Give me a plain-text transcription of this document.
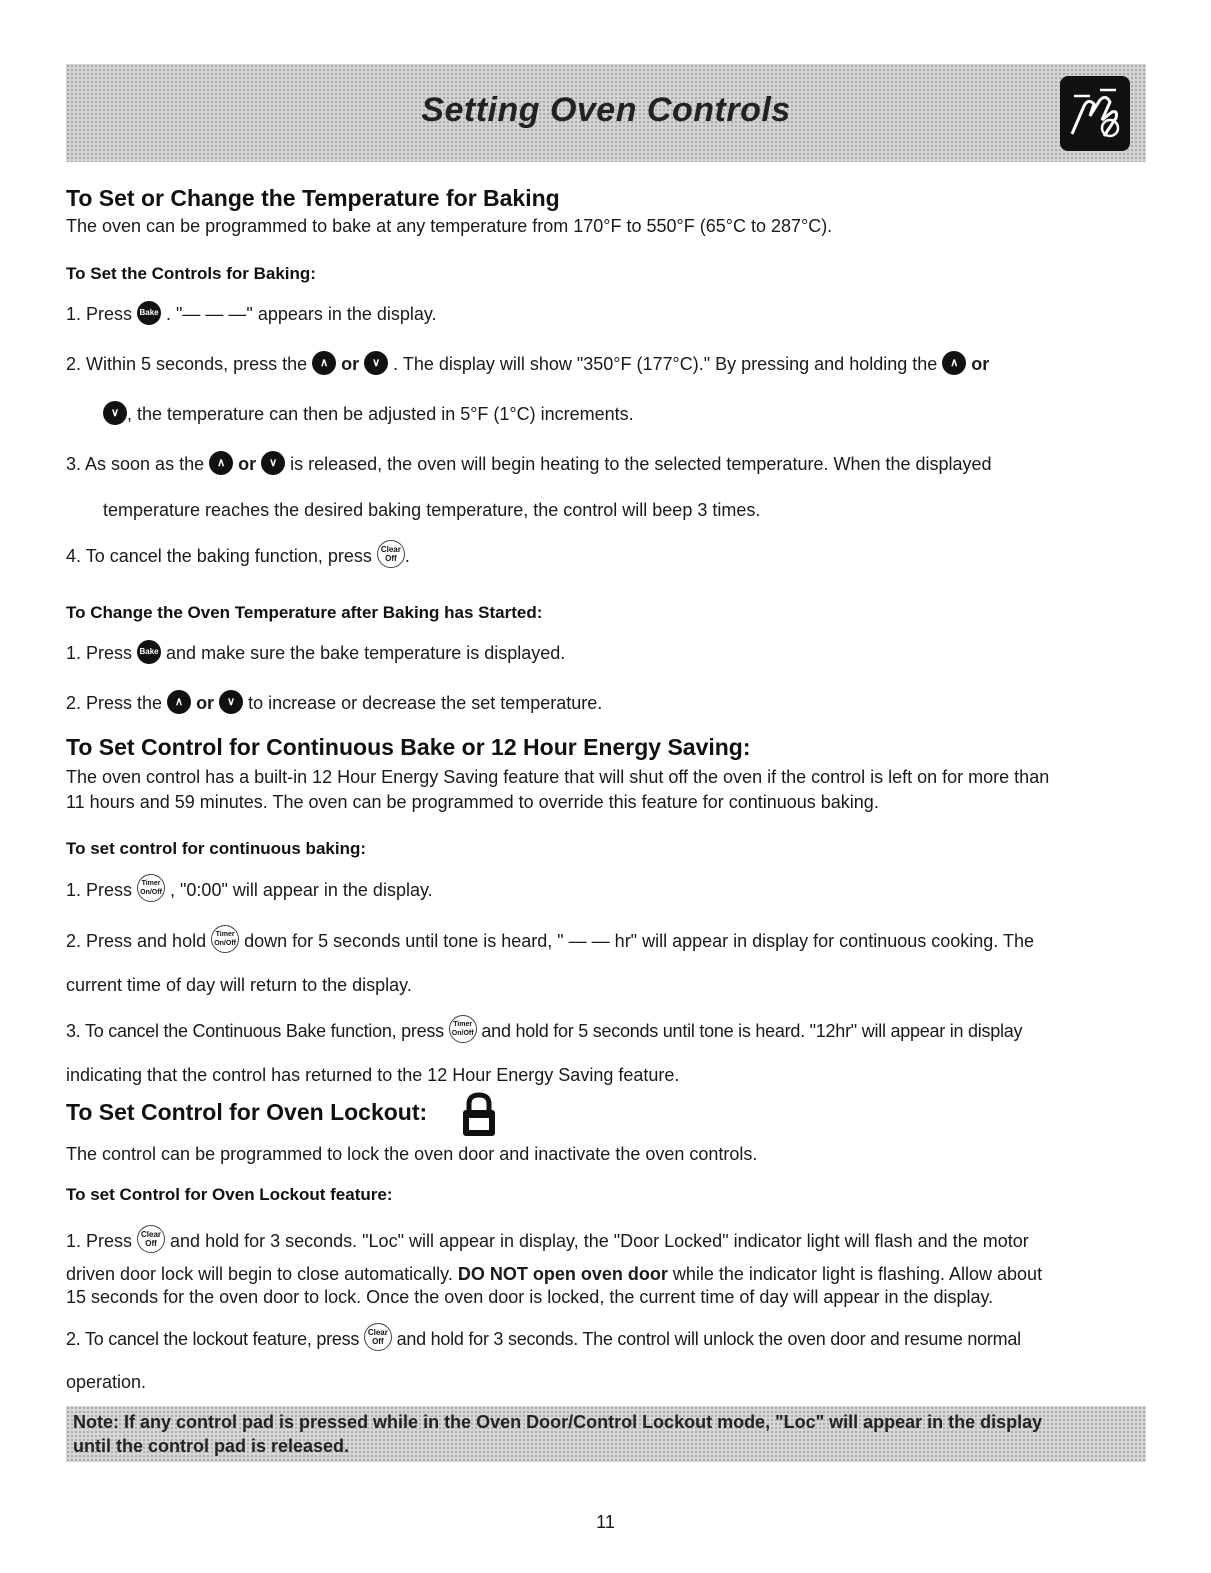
Setting Oven Controls
To Set or Change the Temperature for Baking
The oven can be programmed to bake at any temperature from 170°F to 550°F (65°C to 287°C).
To Set the Controls for Baking:
1. Press Bake . "— — —" appears in the display.
2. Within 5 seconds, press the ∧ or ∨ . The display will show "350°F (177°C)." By pressing and holding the ∧ or
∨ , the temperature can then be adjusted in 5°F (1°C) increments.
3. As soon as the ∧ or ∨ is released, the oven will begin heating to the selected temperature. When the displayed
temperature reaches the desired baking temperature, the control will beep 3 times.
4. To cancel the baking function, press Clear
Off .
To Change the Oven Temperature after Baking has Started:
1. Press Bake and make sure the bake temperature is displayed.
2. Press the ∧ or ∨ to increase or decrease the set temperature.
To Set Control for Continuous Bake or 12 Hour Energy Saving:
The oven control has a built-in 12 Hour Energy Saving feature that will shut off the oven if the control is left on for more than
11 hours and 59 minutes. The oven can be programmed to override this feature for continuous baking.
To set control for continuous baking:
1. Press Timer
On/Off , "0:00" will appear in the display.
2. Press and hold Timer
On/Off down for 5 seconds until tone is heard, " — — hr" will appear in display for continuous cooking. The
current time of day will return to the display.
3. To cancel the Continuous Bake function, press Timer
On/Off and hold for 5 seconds until tone is heard. "12hr" will appear in display
indicating that the control has returned to the 12 Hour Energy Saving feature.
To Set Control for Oven Lockout:
The control can be programmed to lock the oven door and inactivate the oven controls.
To set Control for Oven Lockout feature:
1. Press Clear
Off and hold for 3 seconds. "Loc" will appear in display, the "Door Locked" indicator light will flash and the motor
driven door lock will begin to close automatically. DO NOT open oven door while the indicator light is flashing. Allow about
15 seconds for the oven door to lock. Once the oven door is locked, the current time of day will appear in the display.
2. To cancel the lockout feature, press Clear
Off and hold for 3 seconds. The control will unlock the oven door and resume normal
operation.
Note: If any control pad is pressed while in the Oven Door/Control Lockout mode, "Loc" will appear in the display
until the control pad is released.
11
